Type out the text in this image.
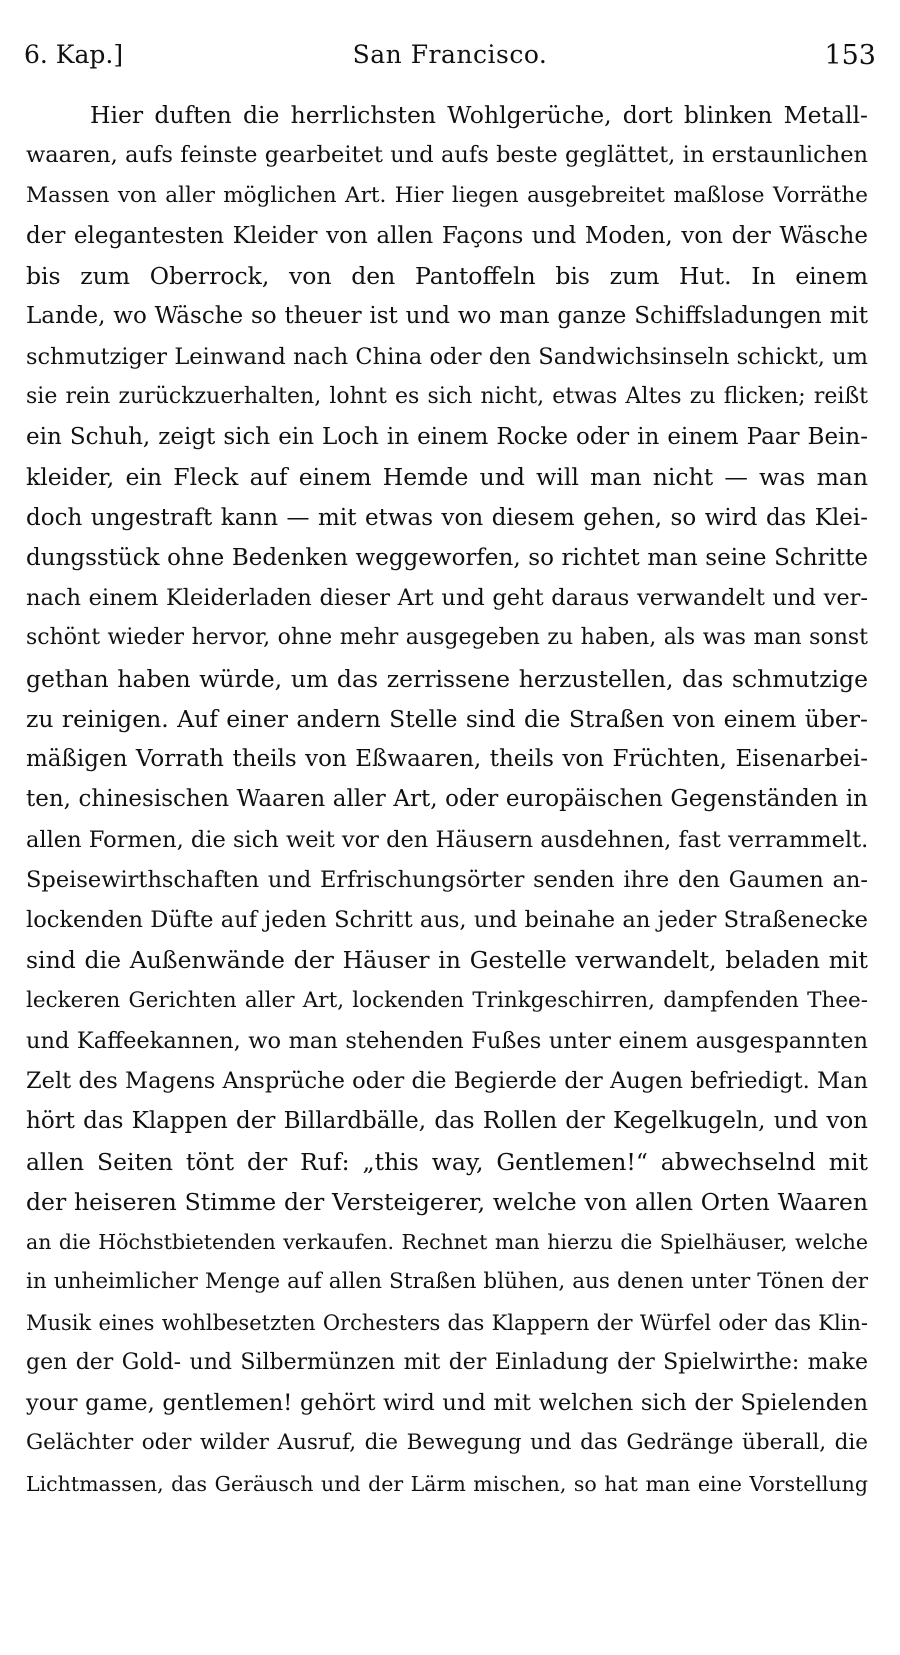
6. Kap.]	San Francisco.	153
Hier duften die herrlichsten Wohlgerüche, dort blinken Metall-
waaren, aufs feinste gearbeitet und aufs beste geglättet, in erstaunlichen
Massen von aller möglichen Art. Hier liegen ausgebreitet maßlose Vorräthe
der elegantesten Kleider von allen Façons und Moden, von der Wäsche
bis zum Oberrock, von den Pantoffeln bis zum Hut. In einem
Lande, wo Wäsche so theuer ist und wo man ganze Schiffsladungen mit
schmutziger Leinwand nach China oder den Sandwichsinseln schickt, um
sie rein zurückzuerhalten, lohnt es sich nicht, etwas Altes zu flicken; reißt
ein Schuh, zeigt sich ein Loch in einem Rocke oder in einem Paar Bein-
kleider, ein Fleck auf einem Hemde und will man nicht — was man
doch ungestraft kann — mit etwas von diesem gehen, so wird das Klei-
dungsstück ohne Bedenken weggeworfen, so richtet man seine Schritte
nach einem Kleiderladen dieser Art und geht daraus verwandelt und ver-
schönt wieder hervor, ohne mehr ausgegeben zu haben, als was man sonst
gethan haben würde, um das zerrissene herzustellen, das schmutzige
zu reinigen. Auf einer andern Stelle sind die Straßen von einem über-
mäßigen Vorrath theils von Eßwaaren, theils von Früchten, Eisenarbei-
ten, chinesischen Waaren aller Art, oder europäischen Gegenständen in
allen Formen, die sich weit vor den Häusern ausdehnen, fast verrammelt.
Speisewirthschaften und Erfrischungsörter senden ihre den Gaumen an-
lockenden Düfte auf jeden Schritt aus, und beinahe an jeder Straßenecke
sind die Außenwände der Häuser in Gestelle verwandelt, beladen mit
leckeren Gerichten aller Art, lockenden Trinkgeschirren, dampfenden Thee-
und Kaffeekannen, wo man stehenden Fußes unter einem ausgespannten
Zelt des Magens Ansprüche oder die Begierde der Augen befriedigt. Man
hört das Klappen der Billardbälle, das Rollen der Kegelkugeln, und von
allen Seiten tönt der Ruf: „this way, Gentlemen!“ abwechselnd mit
der heiseren Stimme der Versteigerer, welche von allen Orten Waaren
an die Höchstbietenden verkaufen. Rechnet man hierzu die Spielhäuser, welche
in unheimlicher Menge auf allen Straßen blühen, aus denen unter Tönen der
Musik eines wohlbesetzten Orchesters das Klappern der Würfel oder das Klin-
gen der Gold- und Silbermünzen mit der Einladung der Spielwirthe: make
your game, gentlemen! gehört wird und mit welchen sich der Spielenden
Gelächter oder wilder Ausruf, die Bewegung und das Gedränge überall, die
Lichtmassen, das Geräusch und der Lärm mischen, so hat man eine Vorstellung
